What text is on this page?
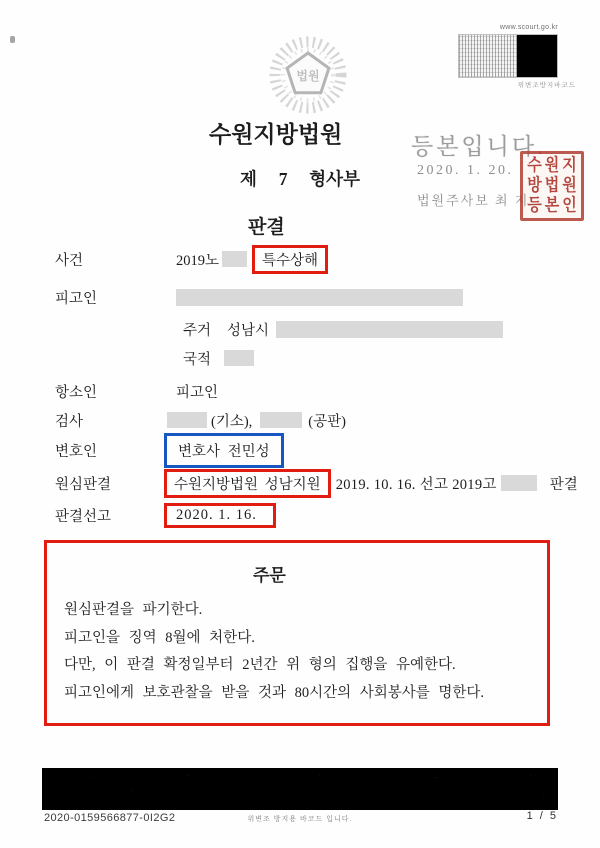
법원
www.scourt.go.kr
위변조방지바코드
등본입니다.
2020. 1. 20.
법원주사보 최 지
수원지
방법원
등본인
수원지방법원
제 7 형사부
판결
사건	2019노	특수상해
피고인
주거 성남시
국적
항소인	피고인
검사	(기소),	(공판)
변호인	변호사 전민성
원심판결	수원지방법원 성남지원	2019. 10. 16. 선고 2019고	판결
판결선고	2020. 1. 16.
주문
원심판결을 파기한다.
피고인을 징역 8월에 처한다.
다만, 이 판결 확정일부터 2년간 위 형의 집행을 유예한다.
피고인에게 보호관찰을 받을 것과 80시간의 사회봉사를 명한다.
2020-0159566877-0I2G2	위변조 방지용 바코드 입니다.	1 / 5
